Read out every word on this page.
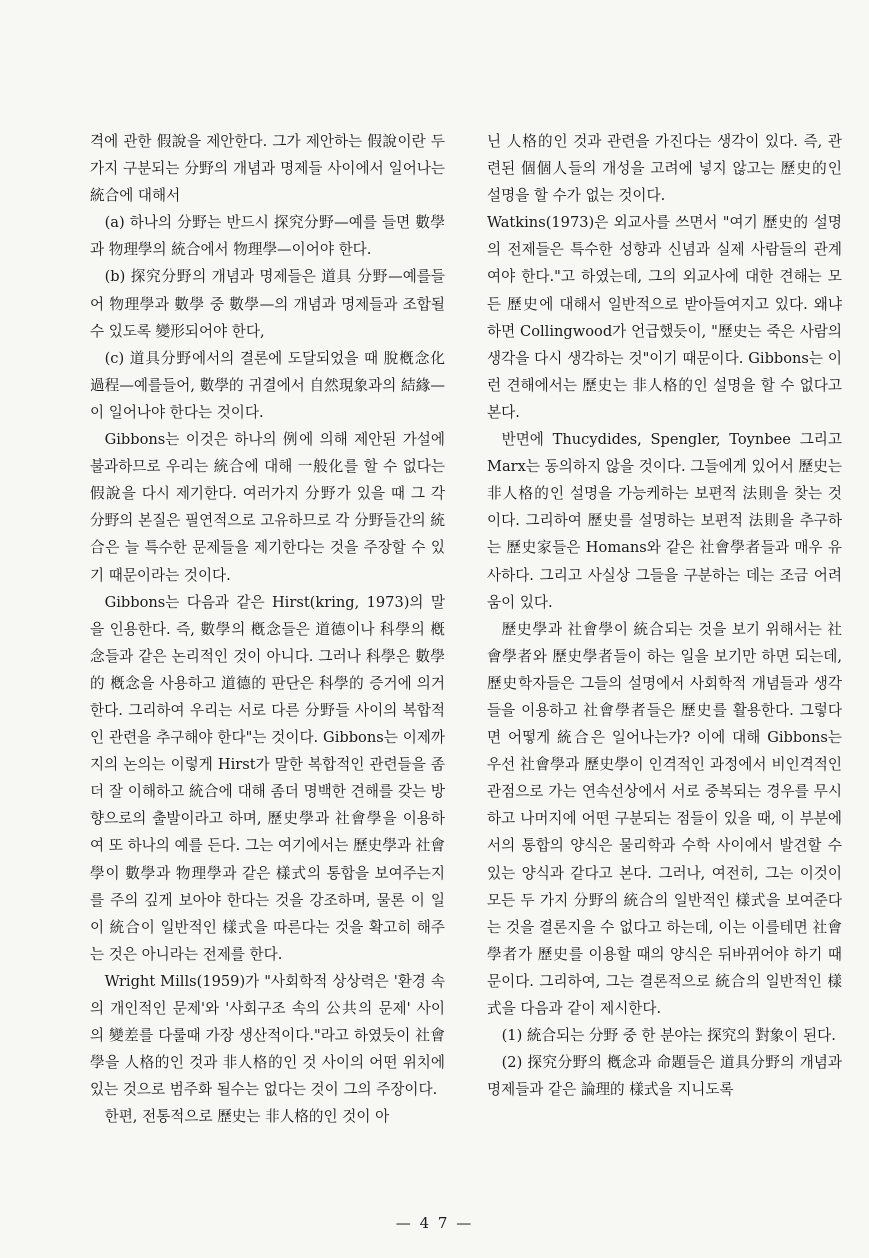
격에 관한 假說을 제안한다. 그가 제안하는 假說이란 두 가지 구분되는 分野의 개념과 명제들 사이에서 일어나는 統合에 대해서

(a) 하나의 分野는 반드시 探究分野—예를 들면 數學과 物理學의 統合에서 物理學—이어야 한다.

(b) 探究分野의 개념과 명제들은 道具 分野—예를들어 物理學과 數學 중 數學—의 개념과 명제들과 조합될 수 있도록 變形되어야 한다,

(c) 道具分野에서의 결론에 도달되었을 때 脫槪念化過程—예를들어, 數學的 귀결에서 自然現象과의 結緣—이 일어나야 한다는 것이다.

Gibbons는 이것은 하나의 例에 의해 제안된 가설에 불과하므로 우리는 統合에 대해 一般化를 할 수 없다는 假說을 다시 제기한다. 여러가지 分野가 있을 때 그 각 分野의 본질은 필연적으로 고유하므로 각 分野들간의 統合은 늘 특수한 문제들을 제기한다는 것을 주장할 수 있기 때문이라는 것이다.

Gibbons는 다음과 같은 Hirst(kring, 1973)의 말을 인용한다. 즉, 數學의 槪念들은 道德이나 科學의 槪念들과 같은 논리적인 것이 아니다. 그러나 科學은 數學的 槪念을 사용하고 道德的 판단은 科學的 증거에 의거한다. 그리하여 우리는 서로 다른 分野들 사이의 복합적인 관련을 추구해야 한다"는 것이다. Gibbons는 이제까지의 논의는 이렇게 Hirst가 말한 복합적인 관련들을 좀 더 잘 이해하고 統合에 대해 좀더 명백한 견해를 갖는 방향으로의 출발이라고 하며, 歷史學과 社會學을 이용하여 또 하나의 예를 든다. 그는 여기에서는 歷史學과 社會學이 數學과 物理學과 같은 樣式의 통합을 보여주는지를 주의 깊게 보아야 한다는 것을 강조하며, 물론 이 일이 統合이 일반적인 樣式을 따른다는 것을 확고히 해주는 것은 아니라는 전제를 한다.

Wright Mills(1959)가 "사회학적 상상력은 '환경 속의 개인적인 문제'와 '사회구조 속의 公共의 문제' 사이의 變差를 다룰때 가장 생산적이다."라고 하였듯이 社會學을 人格的인 것과 非人格的인 것 사이의 어떤 위치에 있는 것으로 범주화 될수는 없다는 것이 그의 주장이다.

한편, 전통적으로 歷史는 非人格的인 것이 아

닌 人格的인 것과 관련을 가진다는 생각이 있다. 즉, 관련된 個個人들의 개성을 고려에 넣지 않고는 歷史的인 설명을 할 수가 없는 것이다.

Watkins(1973)은 외교사를 쓰면서 "여기 歷史的 설명의 전제들은 특수한 성향과 신념과 실제 사람들의 관계여야 한다."고 하였는데, 그의 외교사에 대한 견해는 모든 歷史에 대해서 일반적으로 받아들여지고 있다. 왜냐하면 Collingwood가 언급했듯이, "歷史는 죽은 사람의 생각을 다시 생각하는 것"이기 때문이다. Gibbons는 이런 견해에서는 歷史는 非人格的인 설명을 할 수 없다고 본다.

반면에 Thucydides, Spengler, Toynbee 그리고 Marx는 동의하지 않을 것이다. 그들에게 있어서 歷史는 非人格的인 설명을 가능케하는 보편적 法則을 찾는 것이다. 그리하여 歷史를 설명하는 보편적 法則을 추구하는 歷史家들은 Homans와 같은 社會學者들과 매우 유사하다. 그리고 사실상 그들을 구분하는 데는 조금 어려움이 있다.

歷史學과 社會學이 統合되는 것을 보기 위해서는 社會學者와 歷史學者들이 하는 일을 보기만 하면 되는데, 歷史학자들은 그들의 설명에서 사회학적 개념들과 생각들을 이용하고 社會學者들은 歷史를 활용한다. 그렇다면 어떻게 統合은 일어나는가? 이에 대해 Gibbons는 우선 社會學과 歷史學이 인격적인 과정에서 비인격적인 관점으로 가는 연속선상에서 서로 중복되는 경우를 무시하고 나머지에 어떤 구분되는 점들이 있을 때, 이 부분에서의 통합의 양식은 물리학과 수학 사이에서 발견할 수 있는 양식과 같다고 본다. 그러나, 여전히, 그는 이것이 모든 두 가지 分野의 統合의 일반적인 樣式을 보여준다는 것을 결론지을 수 없다고 하는데, 이는 이를테면 社會學者가 歷史를 이용할 때의 양식은 뒤바뀌어야 하기 때문이다. 그리하여, 그는 결론적으로 統合의 일반적인 樣式을 다음과 같이 제시한다.

(1) 統合되는 分野 중 한 분야는 探究의 對象이 된다.

(2) 探究分野의 槪念과 命題들은 道具分野의 개념과 명제들과 같은 論理的 樣式을 지니도록

— 4 7 —
